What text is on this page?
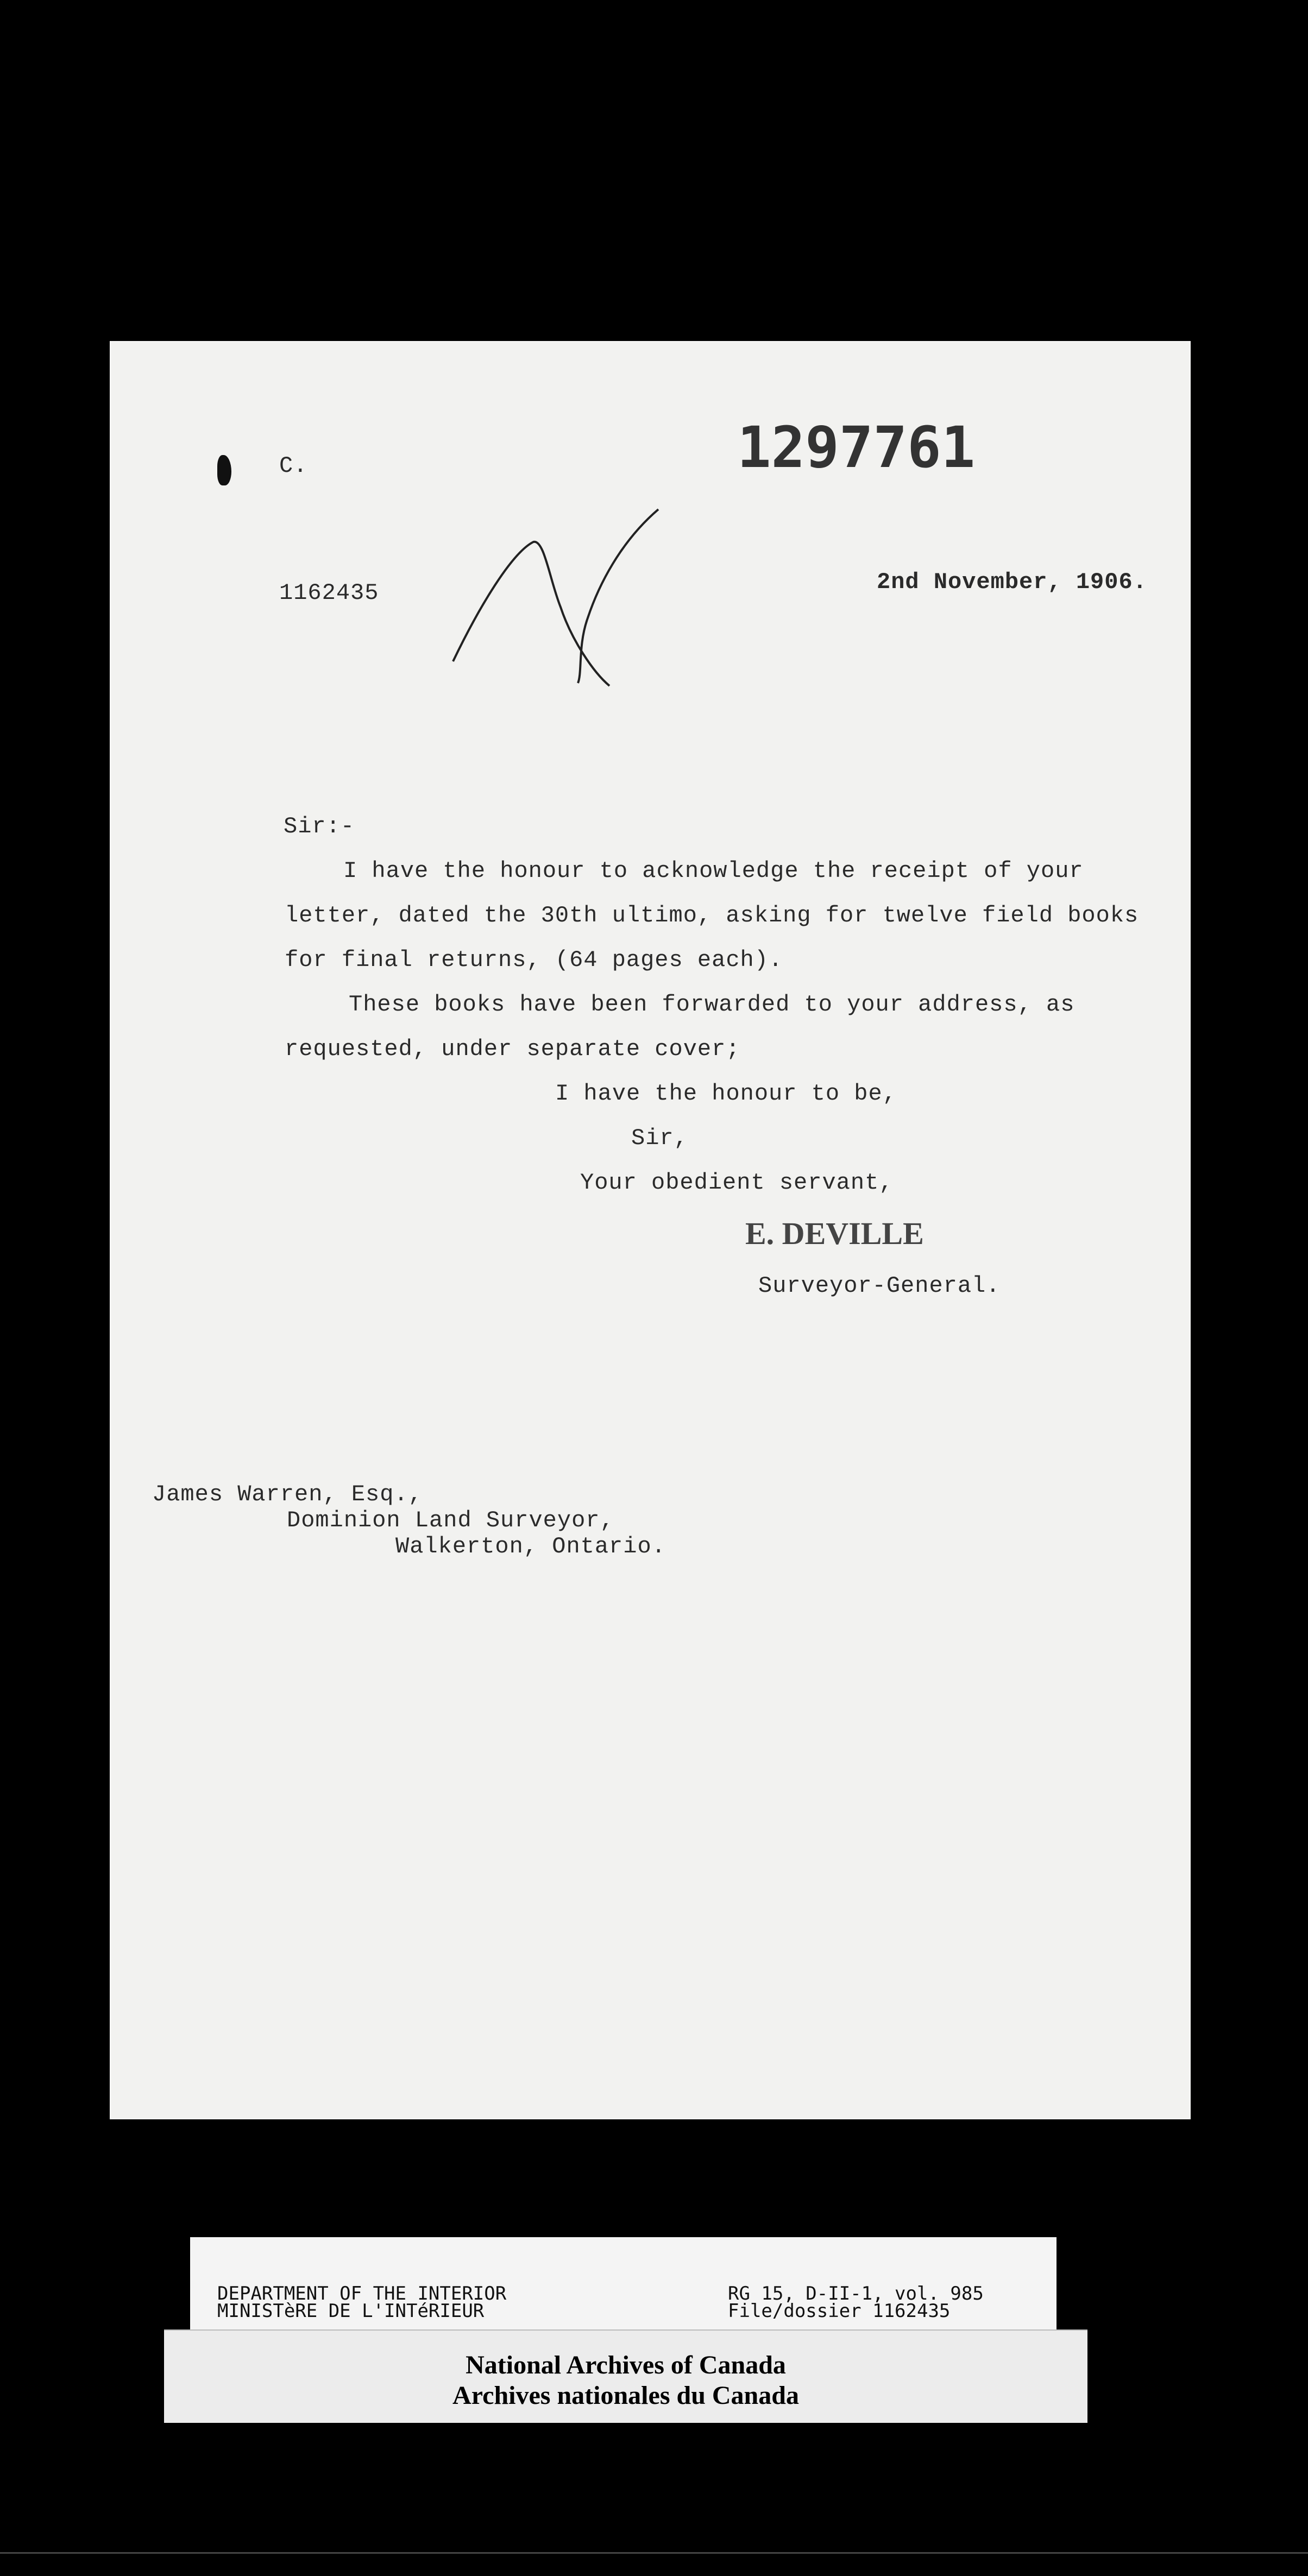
C.	1297761
1162435	2nd November, 1906.
Sir:-
I have the honour to acknowledge the receipt of your
letter, dated the 30th ultimo, asking for twelve field books
for final returns, (64 pages each).
These books have been forwarded to your address, as
requested, under separate cover;
I have the honour to be,
Sir,
Your obedient servant,
E. DEVILLE
Surveyor-General.
James Warren, Esq.,
Dominion Land Surveyor,
Walkerton, Ontario.
DEPARTMENT OF THE INTERIOR
MINISTèRE DE L'INTéRIEUR
RG 15, D-II-1, vol. 985
File/dossier 1162435
National Archives of Canada
Archives nationales du Canada
